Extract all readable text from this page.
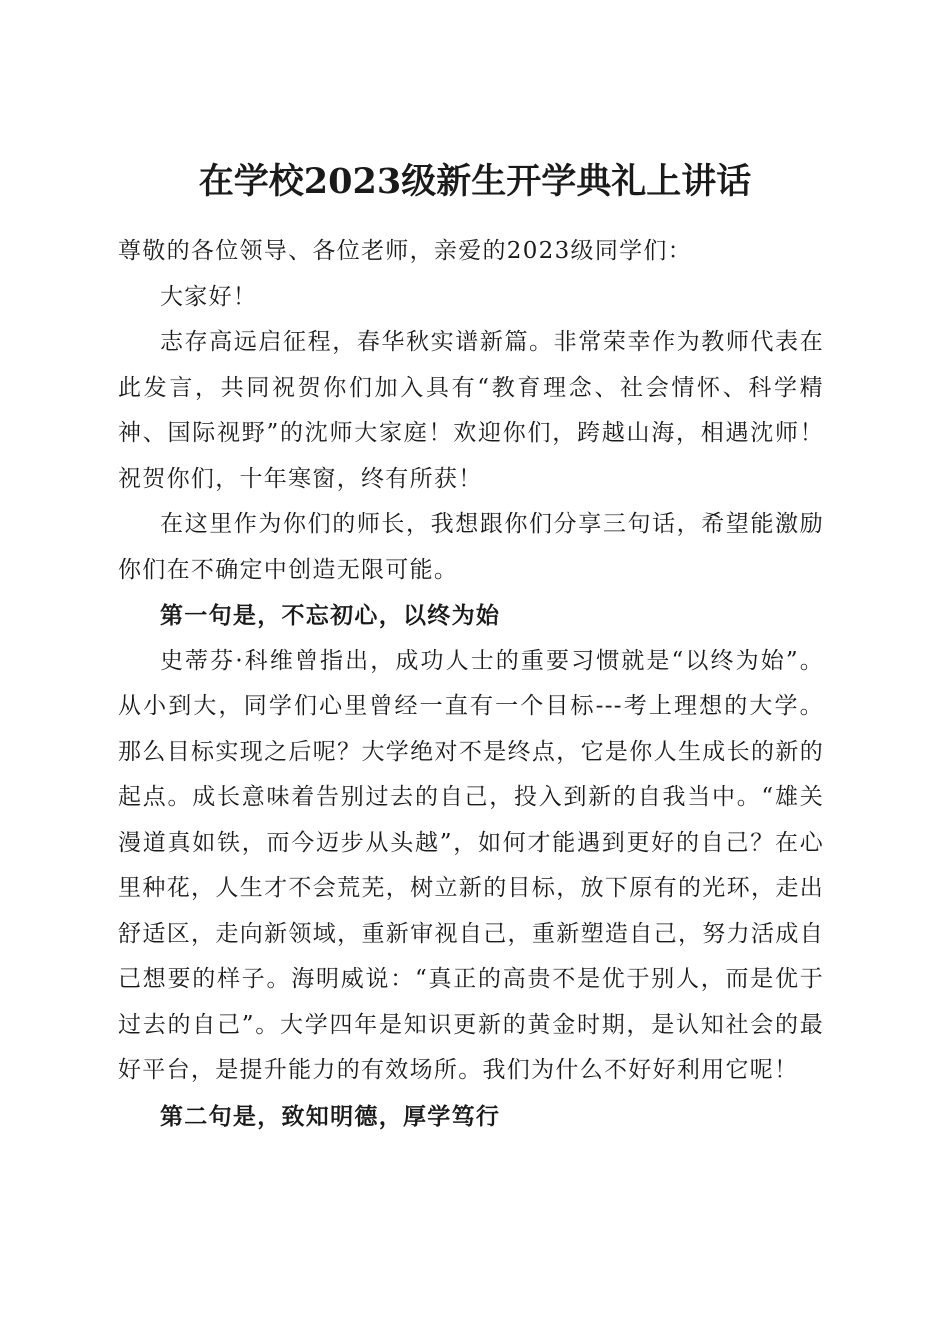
在学校2023级新生开学典礼上讲话

尊敬的各位领导、各位老师，亲爱的2023级同学们：

大家好！

志存高远启征程，春华秋实谱新篇。非常荣幸作为教师代表在此发言，共同祝贺你们加入具有“教育理念、社会情怀、科学精神、国际视野”的沈师大家庭！欢迎你们，跨越山海，相遇沈师！祝贺你们，十年寒窗，终有所获！

在这里作为你们的师长，我想跟你们分享三句话，希望能激励你们在不确定中创造无限可能。

第一句是，不忘初心，以终为始

史蒂芬·科维曾指出，成功人士的重要习惯就是“以终为始”。从小到大，同学们心里曾经一直有一个目标---考上理想的大学。那么目标实现之后呢？大学绝对不是终点，它是你人生成长的新的起点。成长意味着告别过去的自己，投入到新的自我当中。“雄关漫道真如铁，而今迈步从头越”，如何才能遇到更好的自己？在心里种花，人生才不会荒芜，树立新的目标，放下原有的光环，走出舒适区，走向新领域，重新审视自己，重新塑造自己，努力活成自己想要的样子。海明威说：“真正的高贵不是优于别人，而是优于过去的自己”。大学四年是知识更新的黄金时期，是认知社会的最好平台，是提升能力的有效场所。我们为什么不好好利用它呢！

第二句是，致知明德，厚学笃行
